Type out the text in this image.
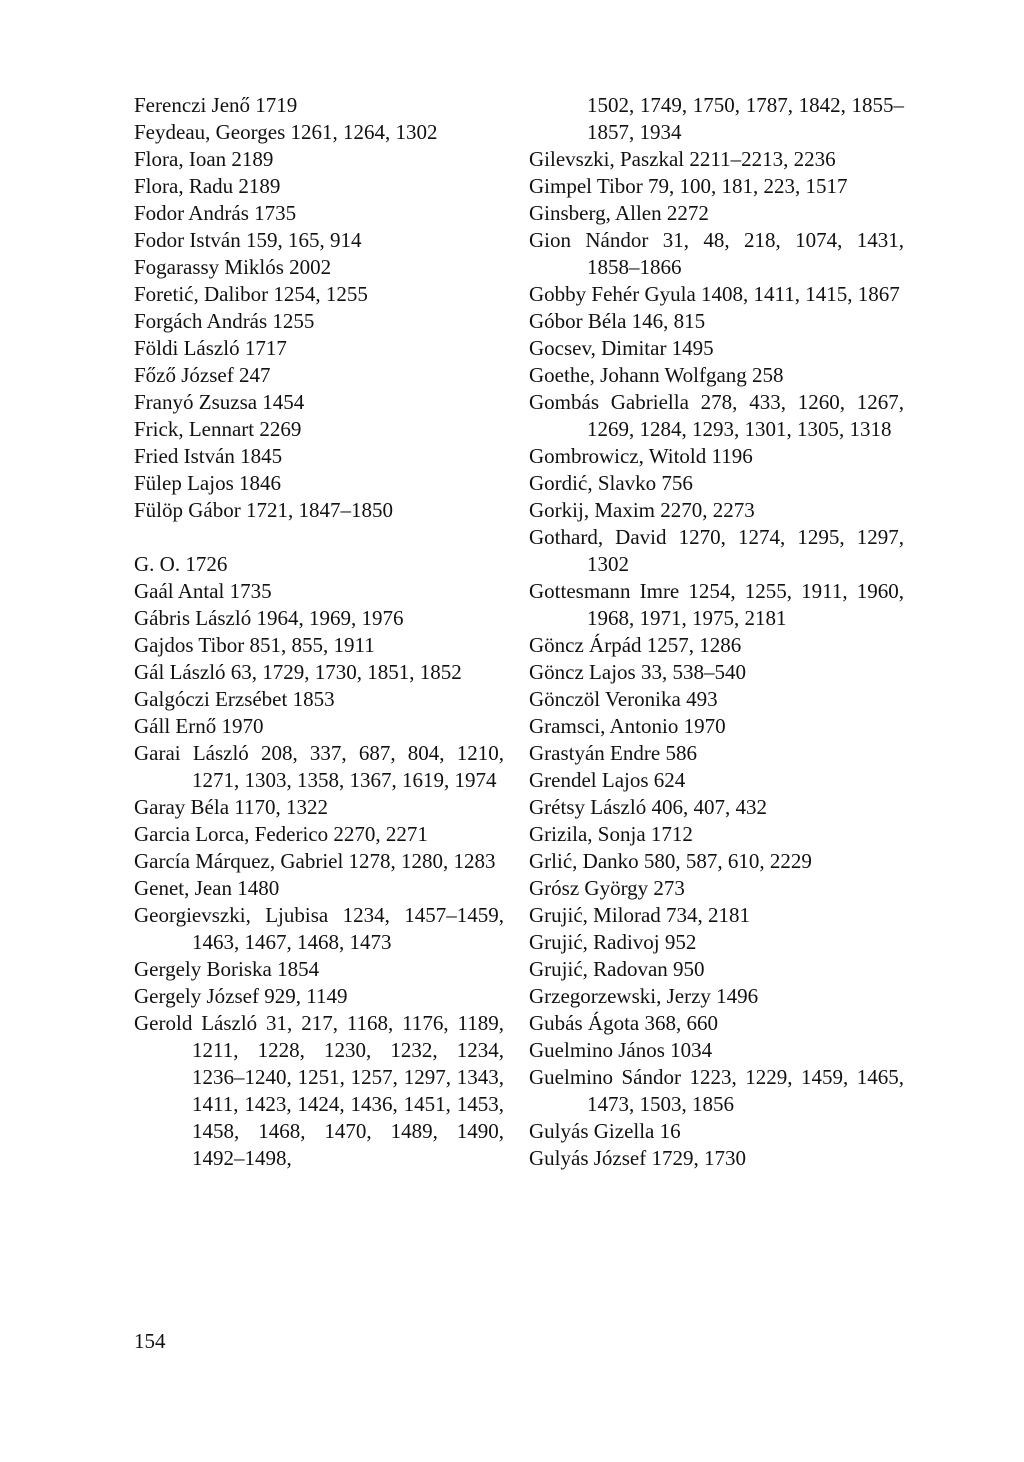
Ferenczi Jenő 1719

Feydeau, Georges 1261, 1264, 1302

Flora, Ioan 2189

Flora, Radu 2189

Fodor András 1735

Fodor István 159, 165, 914

Fogarassy Miklós 2002

Foretić, Dalibor 1254, 1255

Forgách András 1255

Földi László 1717

Főző József 247

Franyó Zsuzsa 1454

Frick, Lennart 2269

Fried István 1845

Fülep Lajos 1846

Fülöp Gábor 1721, 1847–1850

G. O. 1726

Gaál Antal 1735

Gábris László 1964, 1969, 1976

Gajdos Tibor 851, 855, 1911

Gál László 63, 1729, 1730, 1851, 1852

Galgóczi Erzsébet 1853

Gáll Ernő 1970

Garai László 208, 337, 687, 804, 1210, 1271, 1303, 1358, 1367, 1619, 1974

Garay Béla 1170, 1322

Garcia Lorca, Federico 2270, 2271

García Márquez, Gabriel 1278, 1280, 1283

Genet, Jean 1480

Georgievszki, Ljubisa 1234, 1457–1459, 1463, 1467, 1468, 1473

Gergely Boriska 1854

Gergely József 929, 1149

Gerold László 31, 217, 1168, 1176, 1189, 1211, 1228, 1230, 1232, 1234, 1236–1240, 1251, 1257, 1297, 1343, 1411, 1423, 1424, 1436, 1451, 1453, 1458, 1468, 1470, 1489, 1490, 1492–1498,

1502, 1749, 1750, 1787, 1842, 1855–1857, 1934

Gilevszki, Paszkal 2211–2213, 2236

Gimpel Tibor 79, 100, 181, 223, 1517

Ginsberg, Allen 2272

Gion Nándor 31, 48, 218, 1074, 1431, 1858–1866

Gobby Fehér Gyula 1408, 1411, 1415, 1867

Góbor Béla 146, 815

Gocsev, Dimitar 1495

Goethe, Johann Wolfgang 258

Gombás Gabriella 278, 433, 1260, 1267, 1269, 1284, 1293, 1301, 1305, 1318

Gombrowicz, Witold 1196

Gordić, Slavko 756

Gorkij, Maxim 2270, 2273

Gothard, David 1270, 1274, 1295, 1297, 1302

Gottesmann Imre 1254, 1255, 1911, 1960, 1968, 1971, 1975, 2181

Göncz Árpád 1257, 1286

Göncz Lajos 33, 538–540

Gönczöl Veronika 493

Gramsci, Antonio 1970

Grastyán Endre 586

Grendel Lajos 624

Grétsy László 406, 407, 432

Grizila, Sonja 1712

Grlić, Danko 580, 587, 610, 2229

Grósz György 273

Grujić, Milorad 734, 2181

Grujić, Radivoj 952

Grujić, Radovan 950

Grzegorzewski, Jerzy 1496

Gubás Ágota 368, 660

Guelmino János 1034

Guelmino Sándor 1223, 1229, 1459, 1465, 1473, 1503, 1856

Gulyás Gizella 16

Gulyás József 1729, 1730

154
